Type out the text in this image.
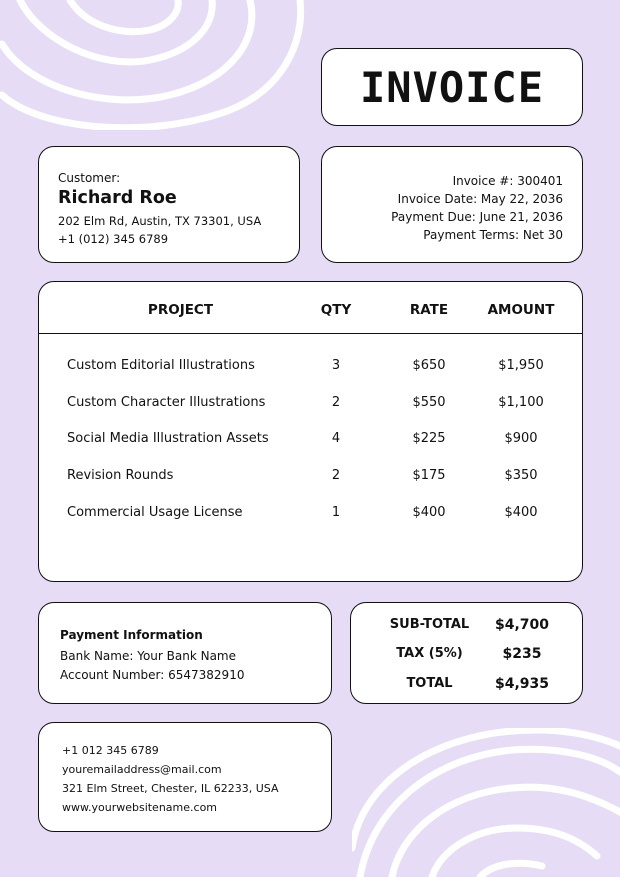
INVOICE
Customer:
Richard Roe
202 Elm Rd, Austin, TX 73301, USA
+1 (012) 345 6789
Invoice #: 300401
Invoice Date: May 22, 2036
Payment Due: June 21, 2036
Payment Terms: Net 30
PROJECT	QTY	RATE	AMOUNT
Custom Editorial Illustrations	3	$650	$1,950
Custom Character Illustrations	2	$550	$1,100
Social Media Illustration Assets	4	$225	$900
Revision Rounds	2	$175	$350
Commercial Usage License	1	$400	$400
Payment Information
Bank Name: Your Bank Name
Account Number: 6547382910
SUB-TOTAL	$4,700
TAX (5%)	$235
TOTAL	$4,935
+1 012 345 6789
youremailaddress@mail.com
321 Elm Street, Chester, IL 62233, USA
www.yourwebsitename.com
